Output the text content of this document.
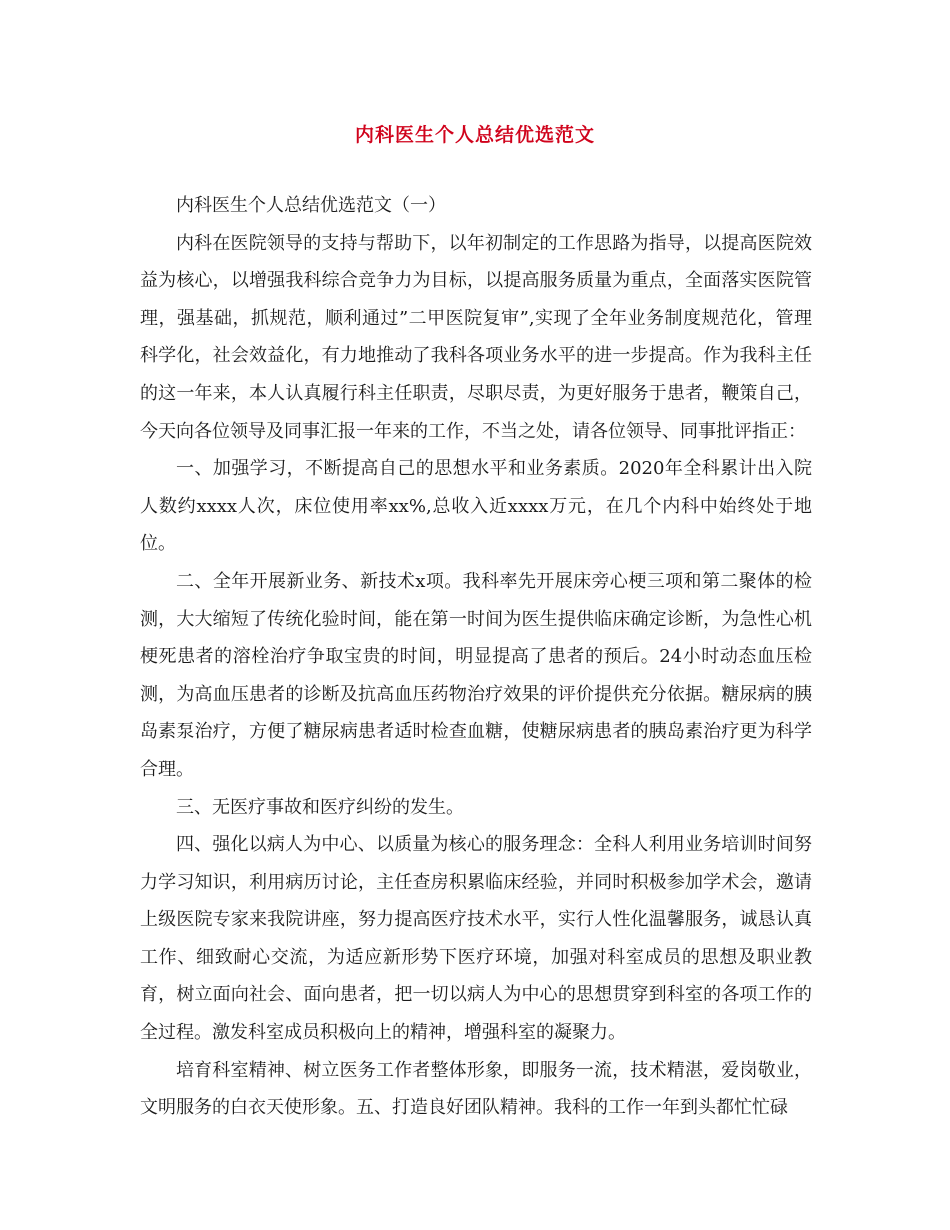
内科医生个人总结优选范文

内科医生个人总结优选范文（一）

内科在医院领导的支持与帮助下，以年初制定的工作思路为指导，以提高医院效益为核心，以增强我科综合竞争力为目标，以提高服务质量为重点，全面落实医院管理，强基础，抓规范，顺利通过”二甲医院复审”,实现了全年业务制度规范化，管理科学化，社会效益化，有力地推动了我科各项业务水平的进一步提高。作为我科主任的这一年来，本人认真履行科主任职责，尽职尽责，为更好服务于患者，鞭策自己，今天向各位领导及同事汇报一年来的工作，不当之处，请各位领导、同事批评指正：

一、加强学习，不断提高自己的思想水平和业务素质。2020年全科累计出入院人数约xxxx人次，床位使用率xx%,总收入近xxxx万元，在几个内科中始终处于地位。

二、全年开展新业务、新技术x项。我科率先开展床旁心梗三项和第二聚体的检测，大大缩短了传统化验时间，能在第一时间为医生提供临床确定诊断，为急性心机梗死患者的溶栓治疗争取宝贵的时间，明显提高了患者的预后。24小时动态血压检测，为高血压患者的诊断及抗高血压药物治疗效果的评价提供充分依据。糖尿病的胰岛素泵治疗，方便了糖尿病患者适时检查血糖，使糖尿病患者的胰岛素治疗更为科学合理。

三、无医疗事故和医疗纠纷的发生。

四、强化以病人为中心、以质量为核心的服务理念：全科人利用业务培训时间努力学习知识，利用病历讨论，主任查房积累临床经验，并同时积极参加学术会，邀请上级医院专家来我院讲座，努力提高医疗技术水平，实行人性化温馨服务，诚恳认真工作、细致耐心交流，为适应新形势下医疗环境，加强对科室成员的思想及职业教育，树立面向社会、面向患者，把一切以病人为中心的思想贯穿到科室的各项工作的全过程。激发科室成员积极向上的精神，增强科室的凝聚力。

培育科室精神、树立医务工作者整体形象，即服务一流，技术精湛，爱岗敬业，文明服务的白衣天使形象。五、打造良好团队精神。我科的工作一年到头都忙忙碌
